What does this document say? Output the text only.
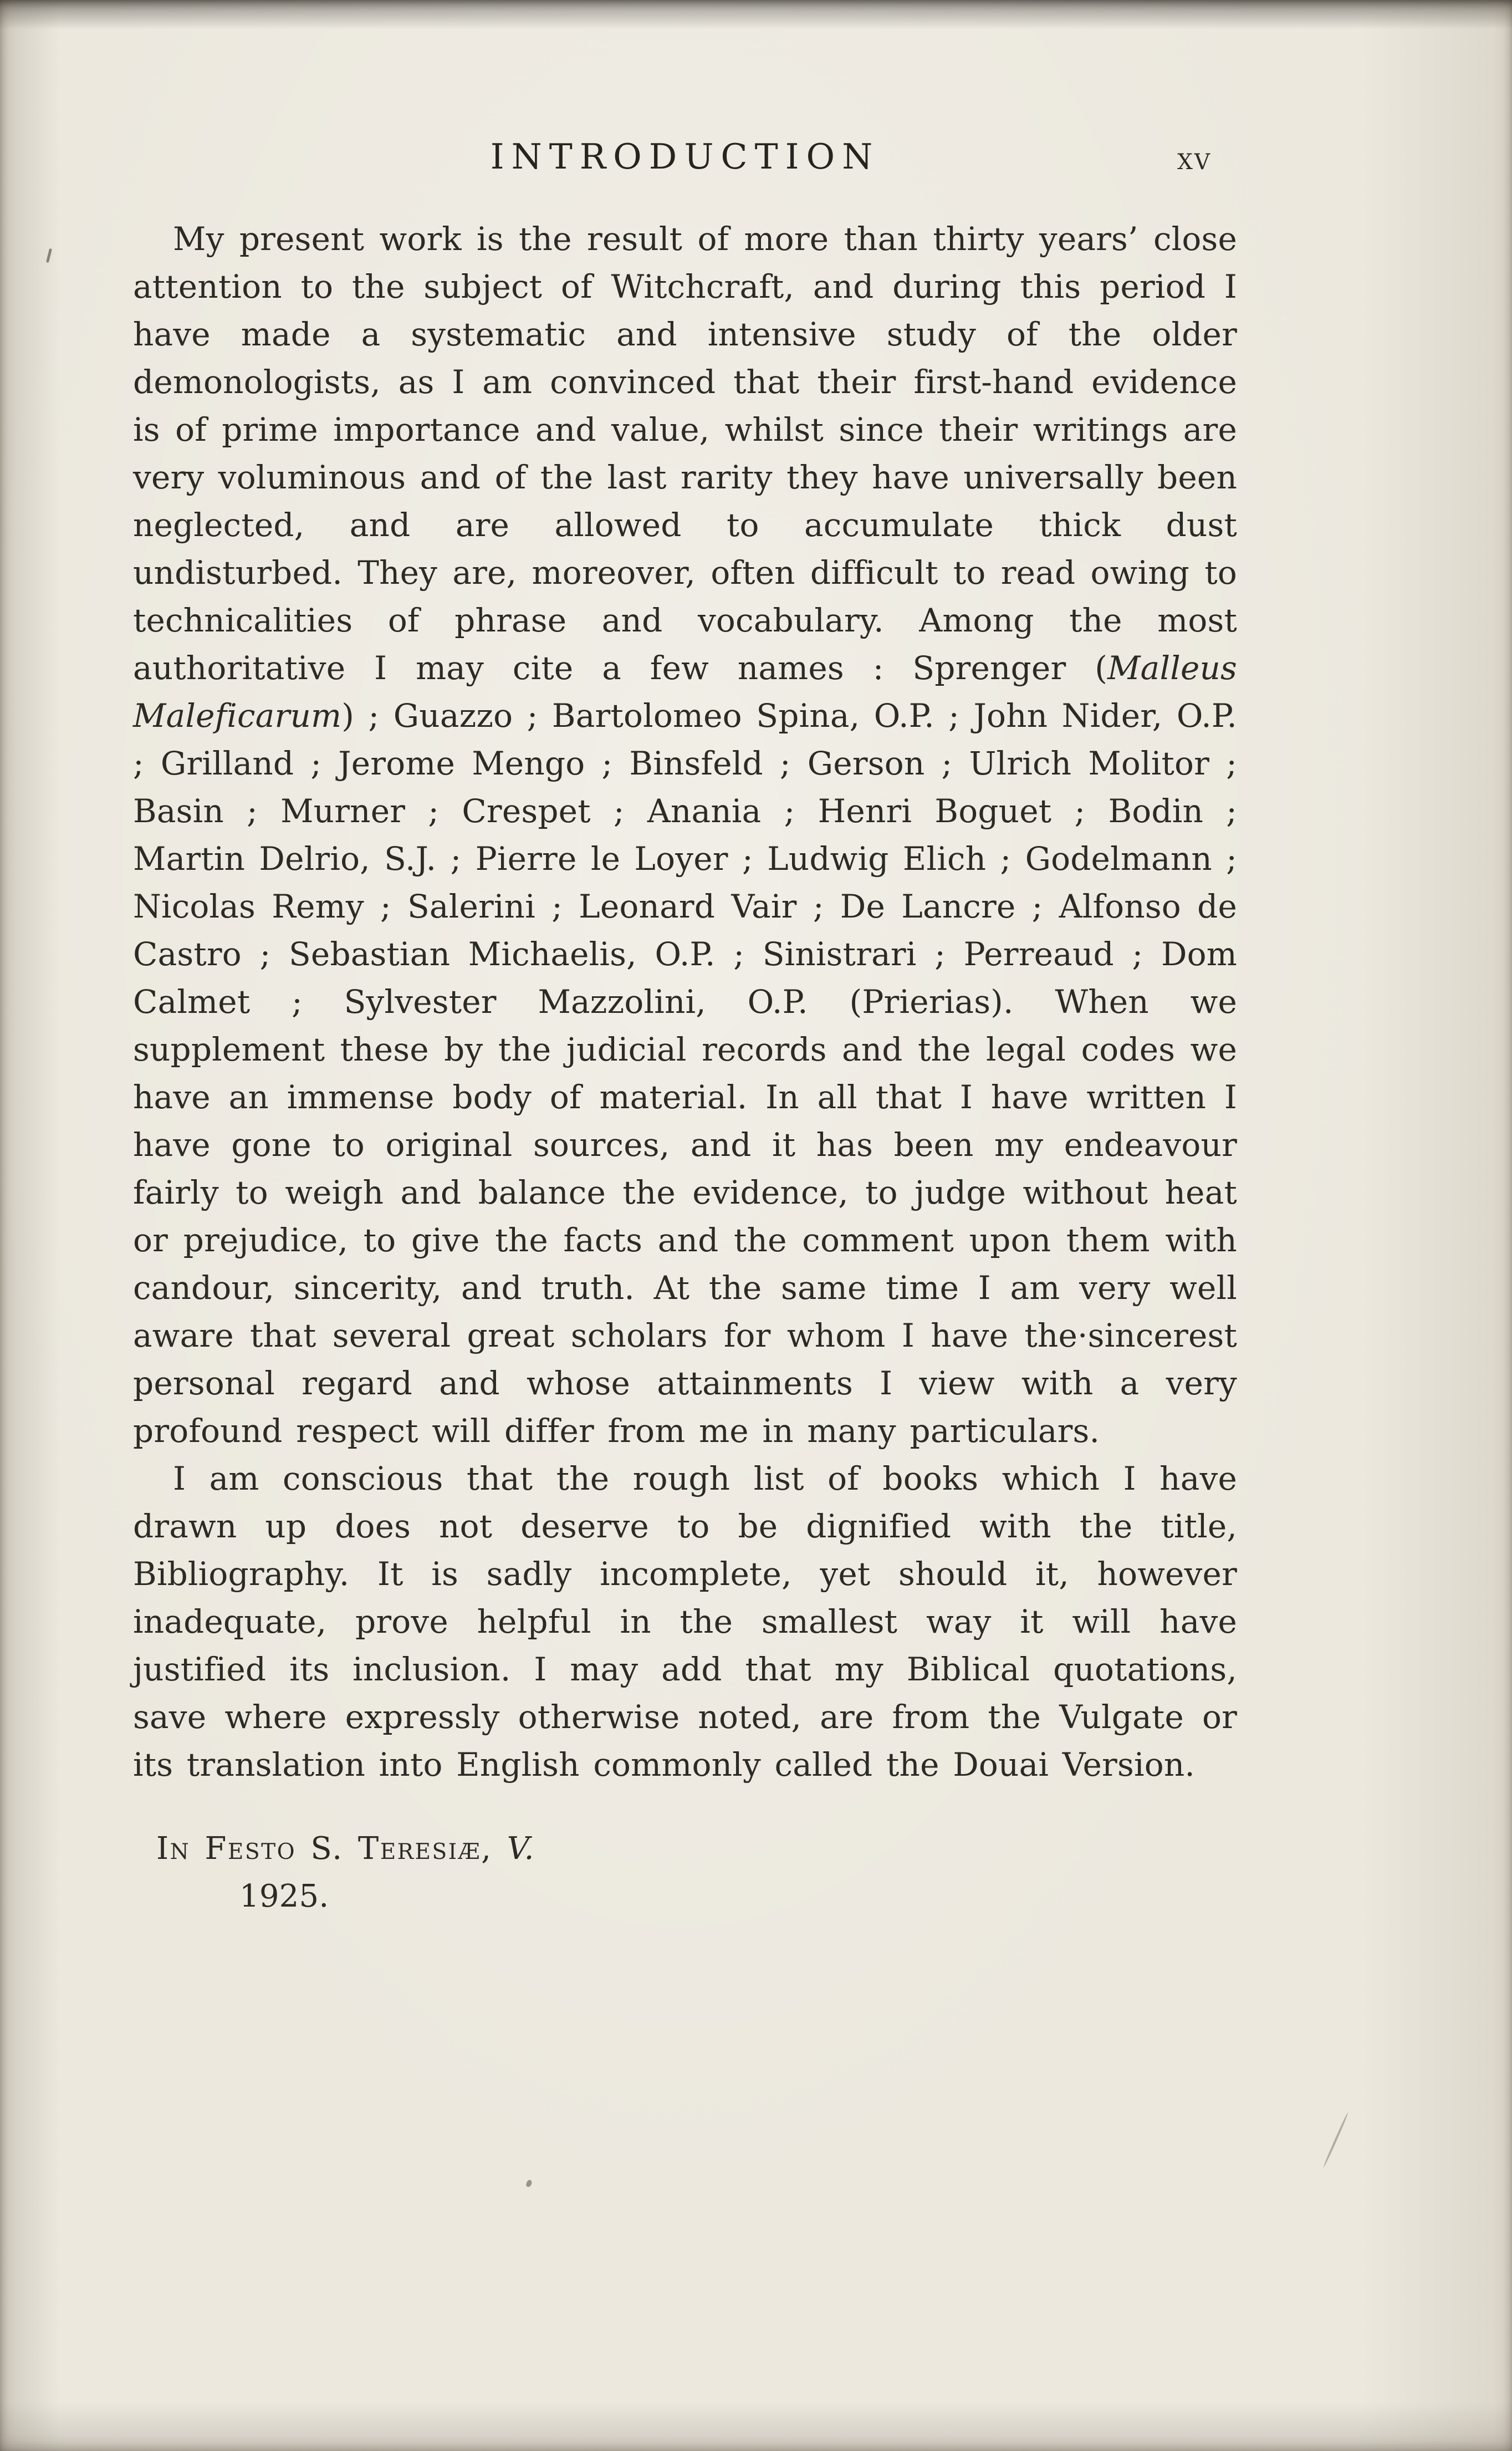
INTRODUCTION	xv

My present work is the result of more than thirty years’ close attention to the subject of Witchcraft, and during this period I have made a systematic and intensive study of the older demonologists, as I am convinced that their first-hand evidence is of prime importance and value, whilst since their writings are very voluminous and of the last rarity they have universally been neglected, and are allowed to accumulate thick dust undisturbed. They are, moreover, often difficult to read owing to technicalities of phrase and vocabulary. Among the most authoritative I may cite a few names : Sprenger (Malleus Maleficarum) ; Guazzo ; Bartolomeo Spina, O.P. ; John Nider, O.P. ; Grilland ; Jerome Mengo ; Binsfeld ; Gerson ; Ulrich Molitor ; Basin ; Murner ; Crespet ; Anania ; Henri Boguet ; Bodin ; Martin Delrio, S.J. ; Pierre le Loyer ; Ludwig Elich ; Godelmann ; Nicolas Remy ; Salerini ; Leonard Vair ; De Lancre ; Alfonso de Castro ; Sebastian Michaelis, O.P. ; Sinistrari ; Perreaud ; Dom Calmet ; Sylvester Mazzolini, O.P. (Prierias). When we supplement these by the judicial records and the legal codes we have an immense body of material. In all that I have written I have gone to original sources, and it has been my endeavour fairly to weigh and balance the evidence, to judge without heat or prejudice, to give the facts and the comment upon them with candour, sincerity, and truth. At the same time I am very well aware that several great scholars for whom I have the·sincerest personal regard and whose attainments I view with a very profound respect will differ from me in many particulars.

I am conscious that the rough list of books which I have drawn up does not deserve to be dignified with the title, Bibliography. It is sadly incomplete, yet should it, however inadequate, prove helpful in the smallest way it will have justified its inclusion. I may add that my Biblical quotations, save where expressly otherwise noted, are from the Vulgate or its translation into English commonly called the Douai Version.

In Festo S. Teresiæ, V.
1925.
